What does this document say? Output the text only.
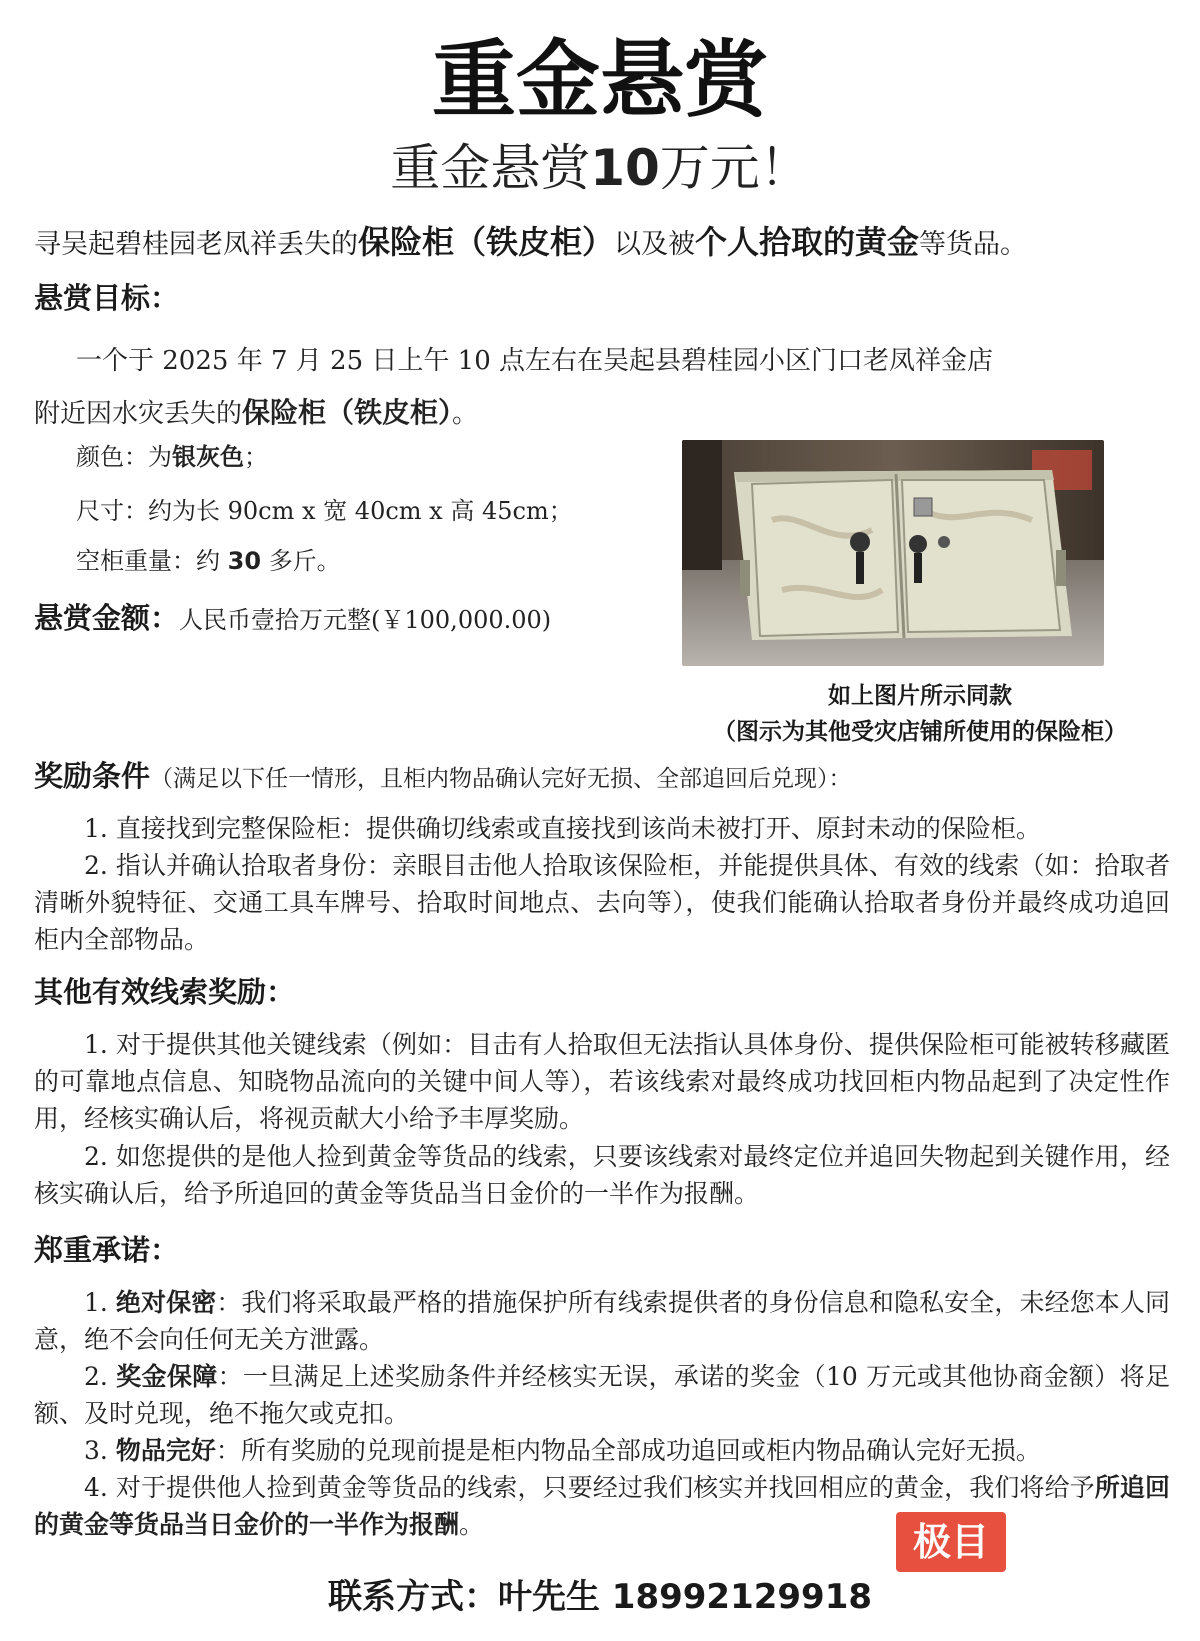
重金悬赏
重金悬赏10万元！
寻吴起碧桂园老凤祥丢失的保险柜（铁皮柜）以及被个人拾取的黄金等货品。
悬赏目标：
一个于 2025 年 7 月 25 日上午 10 点左右在吴起县碧桂园小区门口老凤祥金店
附近因水灾丢失的保险柜（铁皮柜）。
颜色：为银灰色；
尺寸：约为长 90cm x 宽 40cm x 高 45cm；
空柜重量：约 30 多斤。
悬赏金额：人民币壹拾万元整(￥100,000.00)
如上图片所示同款
（图示为其他受灾店铺所使用的保险柜）
奖励条件（满足以下任一情形，且柜内物品确认完好无损、全部追回后兑现）：
1. 直接找到完整保险柜：提供确切线索或直接找到该尚未被打开、原封未动的保险柜。
2. 指认并确认拾取者身份：亲眼目击他人拾取该保险柜，并能提供具体、有效的线索（如：拾取者清晰外貌特征、交通工具车牌号、拾取时间地点、去向等），使我们能确认拾取者身份并最终成功追回柜内全部物品。
其他有效线索奖励：
1. 对于提供其他关键线索（例如：目击有人拾取但无法指认具体身份、提供保险柜可能被转移藏匿的可靠地点信息、知晓物品流向的关键中间人等），若该线索对最终成功找回柜内物品起到了决定性作用，经核实确认后，将视贡献大小给予丰厚奖励。
2. 如您提供的是他人捡到黄金等货品的线索，只要该线索对最终定位并追回失物起到关键作用，经核实确认后，给予所追回的黄金等货品当日金价的一半作为报酬。
郑重承诺：
1. 绝对保密：我们将采取最严格的措施保护所有线索提供者的身份信息和隐私安全，未经您本人同意，绝不会向任何无关方泄露。
2. 奖金保障：一旦满足上述奖励条件并经核实无误，承诺的奖金（10 万元或其他协商金额）将足额、及时兑现，绝不拖欠或克扣。
3. 物品完好：所有奖励的兑现前提是柜内物品全部成功追回或柜内物品确认完好无损。
4. 对于提供他人捡到黄金等货品的线索，只要经过我们核实并找回相应的黄金，我们将给予所追回的黄金等货品当日金价的一半作为报酬。	极目
联系方式：叶先生 18992129918
